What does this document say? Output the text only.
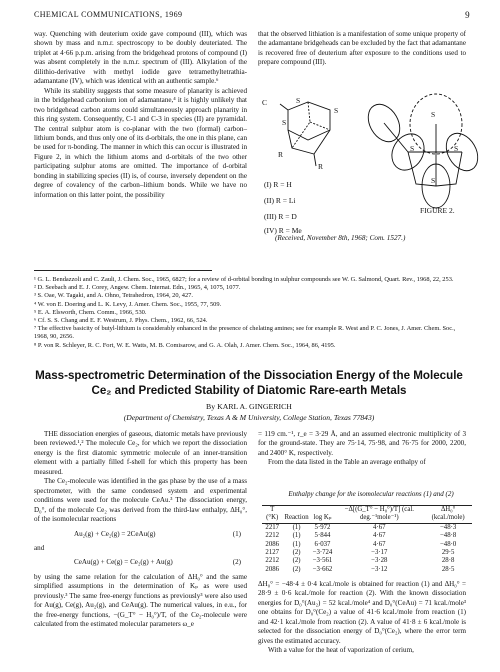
CHEMICAL COMMUNICATIONS, 1969	9

way. Quenching with deuterium oxide gave compound (III), which was shown by mass and n.m.r. spectroscopy to be doubly deuteriated. The triplet at 4·66 p.p.m. arising from the bridgehead protons of compound (I) was absent completely in the n.m.r. spectrum of (III). Alkylation of the dilithio-derivative with methyl iodide gave tetramethyltetrathia-adamantane (IV), which was identical with an authentic sample.⁶

While its stability suggests that some measure of planarity is achieved in the bridgehead carbonium ion of adamantane,⁴ it is highly unlikely that two bridgehead carbon atoms could simultaneously approach planarity in this ring system. Consequently, C-1 and C-3 in species (II) are pyramidal. The central sulphur atom is co-planar with the two (formal) carbon–lithium bonds, and thus only one of its d-orbitals, the one in this plane, can be used for π-bonding. The manner in which this can occur is illustrated in Figure 2, in which the lithium atoms and d-orbitals of the two other participating sulphur atoms are omitted. The importance of d-orbital bonding in stabilizing species (II) is, of course, inversely dependent on the degree of covalency of the carbon–lithium bonds. While we have no information on this latter point, the possibility

that the observed lithiation is a manifestation of some unique property of the adamantane bridgeheads can be excluded by the fact that adamantane is recovered free of deuterium after exposure to the conditions used to prepare compound (III).

S
S
C
S
R
R
S
S	S
S
(I) R = H
(II) R = Li
(III) R = D
(IV) R = Me
FIGURE 2.
(Received, November 8th, 1968; Com. 1527.)
¹ G. L. Bendazzoli and C. Zauli, J. Chem. Soc., 1965, 6827; for a review of d-orbital bonding in sulphur compounds see W. G. Salmond, Quart. Rev., 1968, 22, 253.
² D. Seebach and E. J. Corey, Angew. Chem. Internat. Edn., 1965, 4, 1075, 1077.
³ S. Oae, W. Tagaki, and A. Ohno, Tetrahedron, 1964, 20, 427.
⁴ W. von E. Doering and L. K. Levy, J. Amer. Chem. Soc., 1955, 77, 509.
⁵ E. A. Elsworth, Chem. Comm., 1966, 530.
⁶ Cf. S. S. Chang and E. F. Westrum, J. Phys. Chem., 1962, 66, 524.
⁷ The effective basicity of butyl-lithium is considerably enhanced in the presence of chelating amines; see for example R. West and P. C. Jones, J. Amer. Chem. Soc., 1968, 90, 2656.
⁸ P. von R. Schleyer, R. C. Fort, W. E. Watts, M. B. Comisarow, and G. A. Olah, J. Amer. Chem. Soc., 1964, 86, 4195.
Mass-spectrometric Determination of the Dissociation Energy of the Molecule Ce₂ and Predicted Stability of Diatomic Rare-earth Metals
By KARL A. GINGERICH
(Department of Chemistry, Texas A & M University, College Station, Texas 77843)

THE dissociation energies of gaseous, diatomic metals have previously been reviewed.¹,² The molecule Ce₂, for which we report the dissociation energy is the first diatomic symmetric molecule of an inner-transition element with a partially filled f-shell for which this property has been measured.

The Ce₂-molecule was identified in the gas phase by the use of a mass spectrometer, with the same condensed system and experimental conditions were used for the molecule CeAu.³ The dissociation energy, D₀°, of the molecule Ce₂ was derived from the third-law enthalpy, ΔH₀°, of the isomolecular reactions

Au₂(g) + Ce₂(g) = 2CeAu(g)	(1)

and

CeAu(g) + Ce(g) = Ce₂(g) + Au(g)	(2)

by using the same relation for the calculation of ΔH₀° and the same simplified assumptions in the determination of Kₚ as were used previously.³ The same free-energy functions as previously³ were also used for Au(g), Ce(g), Au₂(g), and CeAu(g). The numerical values, in e.u., for the free-energy functions, −(G_T° − H₀°)/T, of the Ce₂-molecule were calculated from the estimated molecular parameters ω_e

= 119 cm.⁻¹, r_e = 3·29 Å, and an assumed electronic multiplicity of 3 for the ground-state. They are 75·14, 75·98, and 76·75 for 2000, 2200, and 2400° K, respectively.

From the data listed in the Table an average enthalpy of

Enthalpy change for the isomolecular reactions (1) and (2)
T (°K)	Reaction	log Kₚ	−Δ[(G_T° − H₀°)/T] (cal. deg.⁻¹mole⁻¹)	ΔH₀° (kcal./mole)
2217	(1)	5·972	4·67	−48·3
2212	(1)	5·844	4·67	−48·8
2086	(1)	6·037	4·67	−48·0
2127	(2)	−3·724	−3·17	29·5
2212	(2)	−3·561	−3·28	28·8
2086	(2)	−3·662	−3·12	28·5

ΔH₀° = −48·4 ± 0·4 kcal./mole is obtained for reaction (1) and ΔH₀° = 28·9 ± 0·6 kcal./mole for reaction (2). With the known dissociation energies for D₀°(Au₂) = 52 kcal./mole⁴ and D₀°(CeAu) = 71 kcal./mole³ one obtains for D₀°(Ce₂) a value of 41·6 kcal./mole from reaction (1) and 42·1 kcal./mole from reaction (2). A value of 41·8 ± 6 kcal./mole is selected for the dissociation energy of D₀°(Ce₂), where the error term gives the estimated accuracy.

With a value for the heat of vaporization of cerium,
